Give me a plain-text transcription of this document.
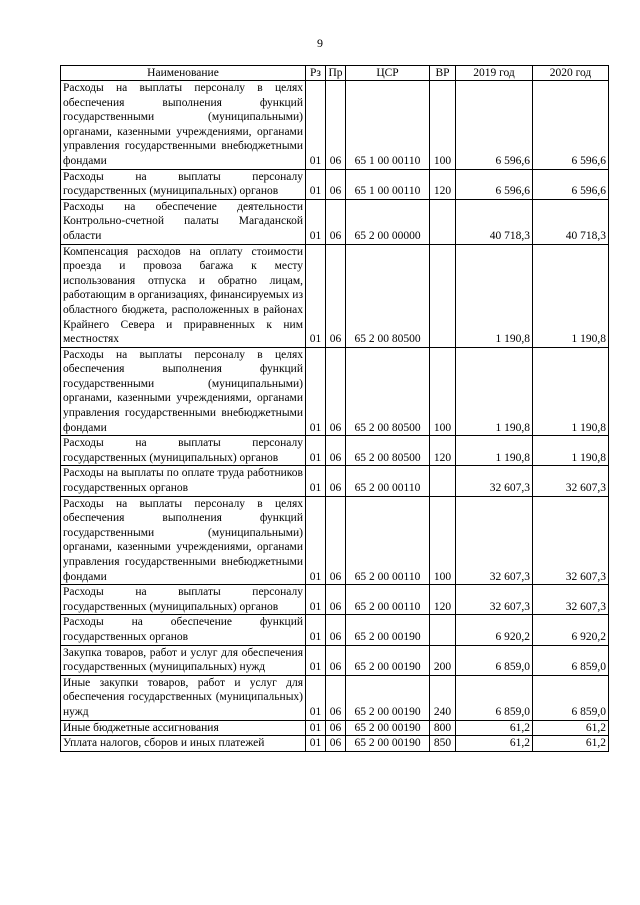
9
Наименование	Рз	Пр	ЦСР	ВР	2019 год	2020 год
Расходы на выплаты персоналу в целях обеспечения выполнения функций государственными (муниципальными) органами, казенными учреждениями, органами управления государственными внебюджетными фондами	01	06	65 1 00 00110	100	6 596,6	6 596,6
Расходы на выплаты персоналу государственных (муниципальных) органов	01	06	65 1 00 00110	120	6 596,6	6 596,6
Расходы на обеспечение деятельности Контрольно-счетной палаты Магаданской области	01	06	65 2 00 00000		40 718,3	40 718,3
Компенсация расходов на оплату стоимости проезда и провоза багажа к месту использования отпуска и обратно лицам, работающим в организациях, финансируемых из областного бюджета, расположенных в районах Крайнего Севера и приравненных к ним местностях	01	06	65 2 00 80500		1 190,8	1 190,8
Расходы на выплаты персоналу в целях обеспечения выполнения функций государственными (муниципальными) органами, казенными учреждениями, органами управления государственными внебюджетными фондами	01	06	65 2 00 80500	100	1 190,8	1 190,8
Расходы на выплаты персоналу государственных (муниципальных) органов	01	06	65 2 00 80500	120	1 190,8	1 190,8
Расходы на выплаты по оплате труда работников государственных органов	01	06	65 2 00 00110		32 607,3	32 607,3
Расходы на выплаты персоналу в целях обеспечения выполнения функций государственными (муниципальными) органами, казенными учреждениями, органами управления государственными внебюджетными фондами	01	06	65 2 00 00110	100	32 607,3	32 607,3
Расходы на выплаты персоналу государственных (муниципальных) органов	01	06	65 2 00 00110	120	32 607,3	32 607,3
Расходы на обеспечение функций государственных органов	01	06	65 2 00 00190		6 920,2	6 920,2
Закупка товаров, работ и услуг для обеспечения государственных (муниципальных) нужд	01	06	65 2 00 00190	200	6 859,0	6 859,0
Иные закупки товаров, работ и услуг для обеспечения государственных (муниципальных) нужд	01	06	65 2 00 00190	240	6 859,0	6 859,0
Иные бюджетные ассигнования	01	06	65 2 00 00190	800	61,2	61,2
Уплата налогов, сборов и иных платежей	01	06	65 2 00 00190	850	61,2	61,2
